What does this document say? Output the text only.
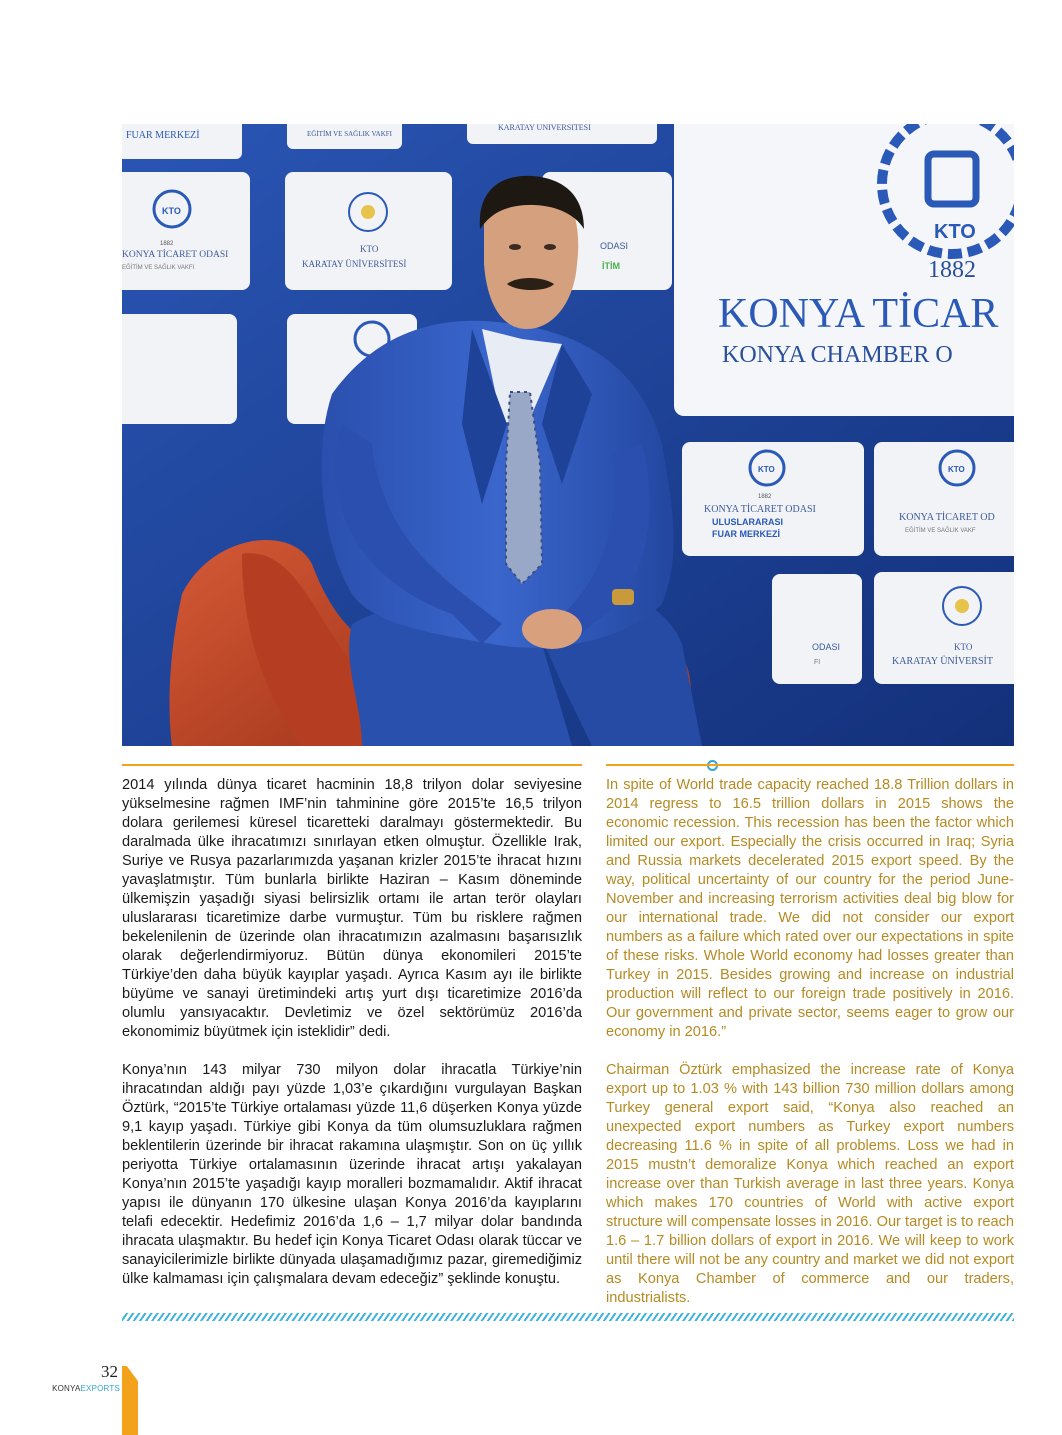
FUAR MERKEZİ	EĞİTİM VE SAĞLIK VAKFI
KARATAY ÜNİVERSİTESİ
KTO
1882
KONYA TİCARET ODASI
EĞİTİM VE SAĞLIK VAKFI
KTO
KARATAY ÜNİVERSİTESİ
ODASI
İTİM
KTO
1882
KONYA TİCARET ODASI
ULUSLARARASI
FUAR MERKEZİ
KTO
KONYA TİCARET OD
EĞİTİM VE SAĞLIK VAKF
ODASI
FI
KTO
KARATAY ÜNİVERSİT
KTO
1882
KONYA TİCAR
KONYA CHAMBER O

2014 yılında dünya ticaret hacminin 18,8 trilyon dolar seviyesine yükselmesine rağmen IMF’nin tahminine göre 2015’te 16,5 trilyon dolara gerilemesi küresel ticaretteki daralmayı göstermektedir. Bu daralmada ülke ihracatımızı sınırlayan etken olmuştur. Özellikle Irak, Suriye ve Rusya pazarlarımızda yaşanan krizler 2015’te ihracat hızını yavaşlatmıştır. Tüm bunlarla birlikte Haziran – Kasım döneminde ülkemişzin yaşadığı siyasi belirsizlik ortamı ile artan terör olayları uluslararası ticaretimize darbe vurmuştur. Tüm bu risklere rağmen bekelenilenin de üzerinde olan ihracatımızın azalmasını başarısızlık olarak değerlendirmiyoruz. Bütün dünya ekonomileri 2015’te Türkiye’den daha büyük kayıplar yaşadı. Ayrıca Kasım ayı ile birlikte büyüme ve sanayi üretimindeki artış yurt dışı ticaretimize 2016’da olumlu yansıyacaktır. Devletimiz ve özel sektörümüz 2016’da ekonomimiz büyütmek için isteklidir” dedi.

Konya’nın 143 milyar 730 milyon dolar ihracatla Türkiye’nin ihracatından aldığı payı yüzde 1,03’e çıkardığını vurgulayan Başkan Öztürk, “2015’te Türkiye ortalaması yüzde 11,6 düşerken Konya yüzde 9,1 kayıp yaşadı. Türkiye gibi Konya da tüm olumsuzluklara rağmen beklentilerin üzerinde bir ihracat rakamına ulaşmıştır. Son on üç yıllık periyotta Türkiye ortalamasının üzerinde ihracat artışı yakalayan Konya’nın 2015’te yaşadığı kayıp moralleri bozmamalıdır. Aktif ihracat yapısı ile dünyanın 170 ülkesine ulaşan Konya 2016’da kayıplarını telafi edecektir. Hedefimiz 2016’da 1,6 – 1,7 milyar dolar bandında ihracata ulaşmaktır. Bu hedef için Konya Ticaret Odası olarak tüccar ve sanayicilerimizle birlikte dünyada ulaşamadığımız pazar, giremediğimiz ülke kalmaması için çalışmalara devam edeceğiz” şeklinde konuştu.

In spite of World trade capacity reached 18.8 Trillion dollars in 2014 regress to 16.5 trillion dollars in 2015 shows the economic recession. This recession has been the factor which limited our export. Especially the crisis occurred in Iraq; Syria and Russia markets decelerated 2015 export speed. By the way, political uncertainty of our country for the period June-November and increasing terrorism activities deal big blow for our international trade. We did not consider our export numbers as a failure which rated over our expectations in spite of these risks. Whole World economy had losses greater than Turkey in 2015. Besides growing and increase on industrial production will reflect to our foreign trade positively in 2016. Our government and private sector, seems eager to grow our economy in 2016.”

Chairman Öztürk emphasized the increase rate of Konya export up to 1.03 % with 143 billion 730 million dollars among Turkey general export said, “Konya also reached an unexpected export numbers as Turkey export numbers decreasing 11.6 % in spite of all problems. Loss we had in 2015 mustn’t demoralize Konya which reached an export increase over than Turkish average in last three years. Konya which makes 170 countries of World with active export structure will compensate losses in 2016. Our target is to reach 1.6 – 1.7 billion dollars of export in 2016. We will keep to work until there will not be any country and market we did not export as Konya Chamber of commerce and our traders, industrialists.

32
KONYAEXPORTS
